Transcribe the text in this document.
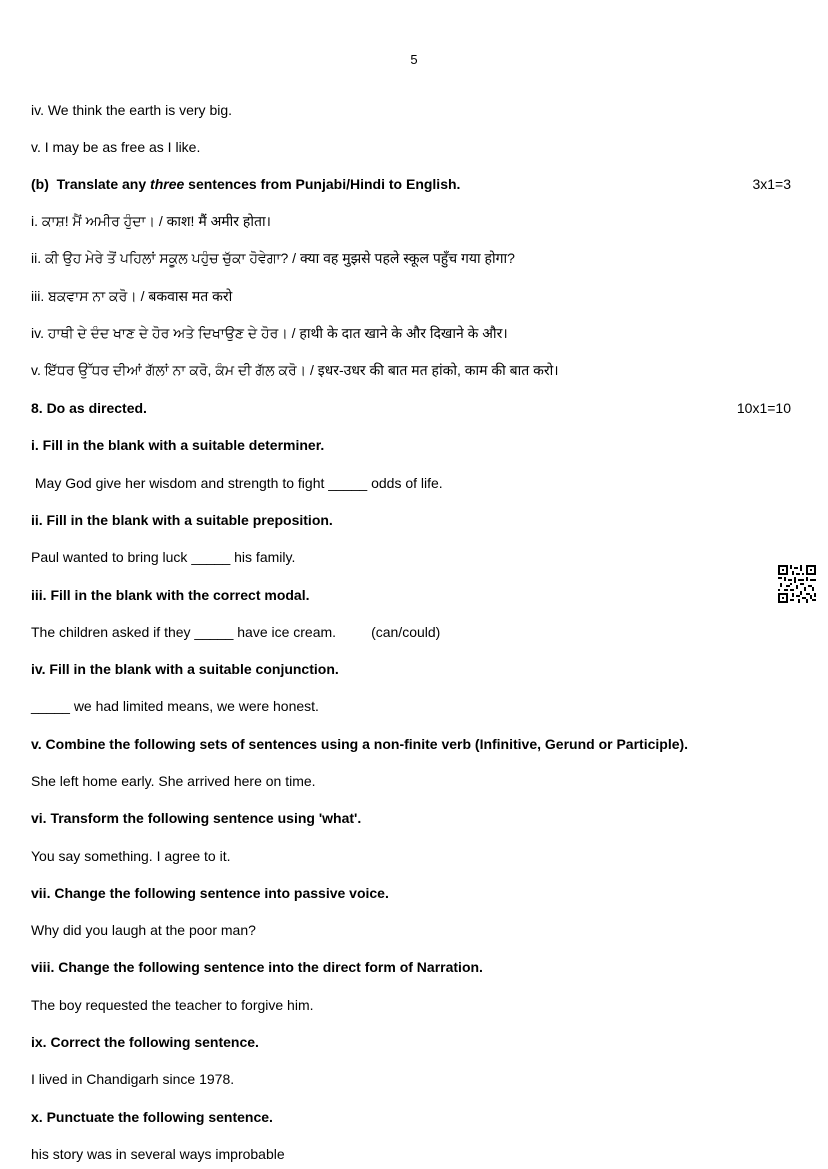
5
iv. We think the earth is very big.
v. I may be as free as I like.
(b)  Translate any three sentences from Punjabi/Hindi to English.	3x1=3
i. ਕਾਸ਼! ਮੈਂ ਅਮੀਰ ਹੁੰਦਾ। / काश! मैं अमीर होता।
ii. ਕੀ ਉਹ ਮੇਰੇ ਤੋਂ ਪਹਿਲਾਂ ਸਕੂਲ ਪਹੁੰਚ ਚੁੱਕਾ ਹੋਵੇਗਾ? / क्या वह मुझसे पहले स्कूल पहुँच गया होगा?
iii. ਬਕਵਾਸ ਨਾ ਕਰੋ। / बकवास मत करो
iv. ਹਾਥੀ ਦੇ ਦੰਦ ਖਾਣ ਦੇ ਹੋਰ ਅਤੇ ਦਿਖਾਉਣ ਦੇ ਹੋਰ। / हाथी के दात खाने के और दिखाने के और।
v. ਇੱਧਰ ਉੱਧਰ ਦੀਆਂ ਗੱਲਾਂ ਨਾ ਕਰੋ, ਕੰਮ ਦੀ ਗੱਲ ਕਰੋ। / इधर-उधर की बात मत हांको, काम की बात करो।
8. Do as directed.	10x1=10
i. Fill in the blank with a suitable determiner.
May God give her wisdom and strength to fight _____ odds of life.
ii. Fill in the blank with a suitable preposition.
Paul wanted to bring luck _____ his family.
iii. Fill in the blank with the correct modal.
The children asked if they _____ have ice cream.         (can/could)
iv. Fill in the blank with a suitable conjunction.
_____ we had limited means, we were honest.
v. Combine the following sets of sentences using a non-finite verb (Infinitive, Gerund or Participle).
She left home early. She arrived here on time.
vi. Transform the following sentence using 'what'.
You say something. I agree to it.
vii. Change the following sentence into passive voice.
Why did you laugh at the poor man?
viii. Change the following sentence into the direct form of Narration.
The boy requested the teacher to forgive him.
ix. Correct the following sentence.
I lived in Chandigarh since 1978.
x. Punctuate the following sentence.
his story was in several ways improbable
